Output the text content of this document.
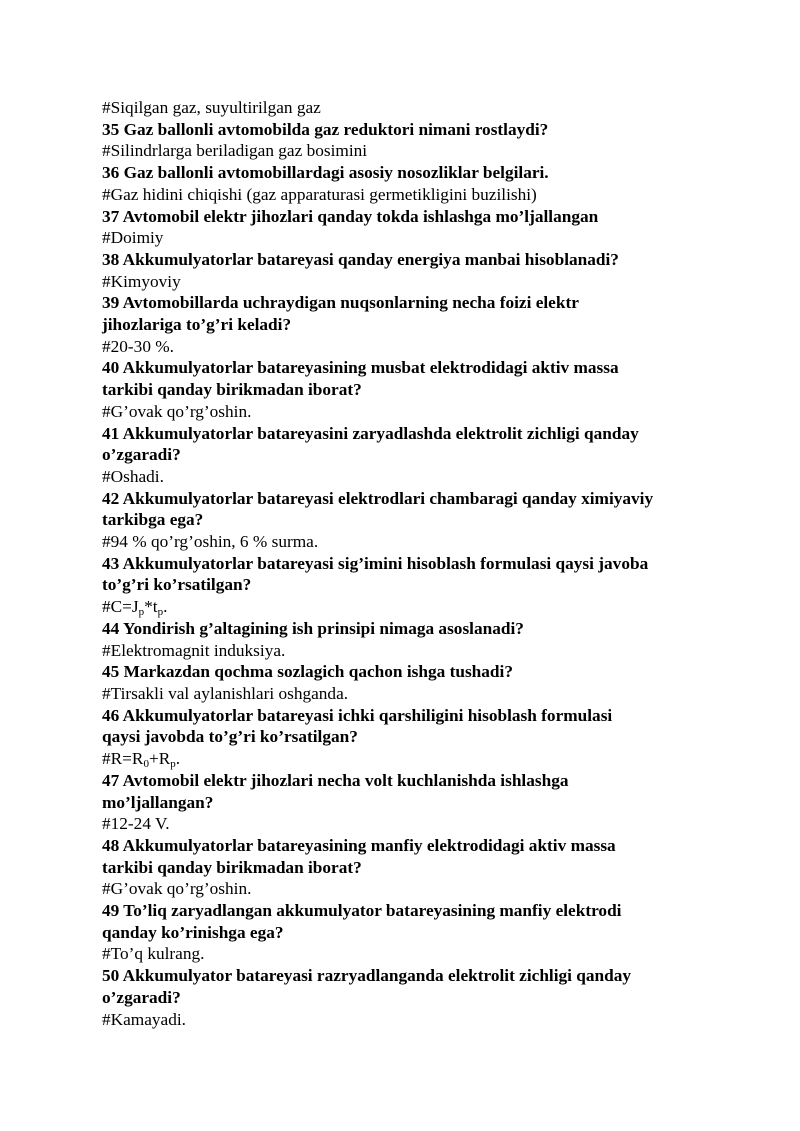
#Siqilgan gaz, suyultirilgan gaz
35 Gaz ballonli avtomobilda gaz reduktori nimani rostlaydi?
#Silindrlarga beriladigan gaz bosimini
36 Gaz ballonli avtomobillardagi asosiy nosozliklar belgilari.
#Gaz hidini chiqishi (gaz apparaturasi germetikligini buzilishi)
37 Avtomobil elektr jihozlari qanday tokda ishlashga mo’ljallangan
#Doimiy
38 Akkumulyatorlar batareyasi qanday energiya manbai hisoblanadi?
#Kimyoviy
39 Avtomobillarda uchraydigan nuqsonlarning necha foizi elektr
jihozlariga to’g’ri keladi?
#20-30 %.
40 Akkumulyatorlar batareyasining musbat elektrodidagi aktiv massa
tarkibi qanday birikmadan iborat?
#G’ovak qo’rg’oshin.
41 Akkumulyatorlar batareyasini zaryadlashda elektrolit zichligi qanday
o’zgaradi?
#Oshadi.
42 Akkumulyatorlar batareyasi elektrodlari chambaragi qanday ximiyaviy
tarkibga ega?
#94 % qo’rg’oshin, 6 % surma.
43 Akkumulyatorlar batareyasi sig’imini hisoblash formulasi qaysi javoba
to’g’ri ko’rsatilgan?
$\#C=J_p*t_p$.
44 Yondirish g’altagining ish prinsipi nimaga asoslanadi?
#Elektromagnit induksiya.
45 Markazdan qochma sozlagich qachon ishga tushadi?
#Tirsakli val aylanishlari oshganda.
46 Akkumulyatorlar batareyasi ichki qarshiligini hisoblash formulasi
qaysi javobda to’g’ri ko’rsatilgan?
$\#R=R_0+R_p$.
47 Avtomobil elektr jihozlari necha volt kuchlanishda ishlashga
mo’ljallangan?
#12-24 V.
48 Akkumulyatorlar batareyasining manfiy elektrodidagi aktiv massa
tarkibi qanday birikmadan iborat?
#G’ovak qo’rg’oshin.
49 To’liq zaryadlangan akkumulyator batareyasining manfiy elektrodi
qanday ko’rinishga ega?
#To’q kulrang.
50 Akkumulyator batareyasi razryadlanganda elektrolit zichligi qanday
o’zgaradi?
#Kamayadi.
